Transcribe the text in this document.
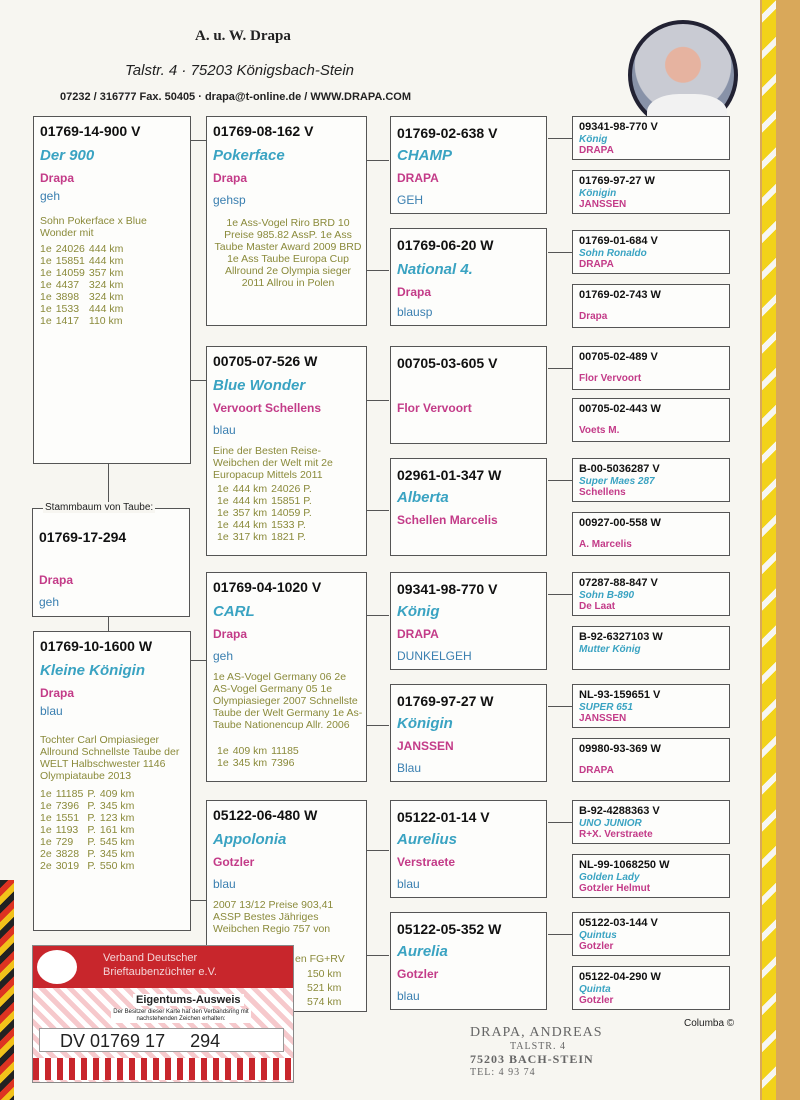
A. u. W. Drapa
Talstr. 4 · 75203 Königsbach-Stein
07232 / 316777 Fax. 50405 · drapa@t-online.de / WWW.DRAPA.COM
01769-14-900 V
Der 900
Drapa
geh
Sohn Pokerface x Blue Wonder mit
1e	24026	444 km
1e	15851	444 km
1e	14059	357 km
1e	4437	324 km
1e	3898	324 km
1e	1533	444 km
1e	1417	110 km
Stammbaum von Taube:
01769-17-294
Drapa
geh
01769-10-1600 W
Kleine Königin
Drapa
blau
Tochter Carl Ompiasieger Allround Schnellste Taube der WELT Halbschwester 1146 Olympiataube 2013
1e	11185	P.	409 km
1e	7396	P.	345 km
1e	1551	P.	123 km
1e	1193	P.	161 km
1e	729	P.	545 km
2e	3828	P.	345 km
2e	3019	P.	550 km
01769-08-162 V
Pokerface
Drapa
gehsp
1e Ass-Vogel Riro BRD 10 Preise 985.82 AssP. 1e Ass Taube Master Award 2009 BRD 1e Ass Taube Europa Cup Allround 2e Olympia sieger 2011 Allrou in Polen
00705-07-526 W
Blue Wonder
Vervoort Schellens
blau
Eine der Besten Reise-Weibchen der Welt mit 2e Europacup Mittels 2011
1e	444 km	24026 P.
1e	444 km	15851 P.
1e	357 km	14059 P.
1e	444 km	1533 P.
1e	317 km	1821 P.
01769-04-1020 V
CARL
Drapa
geh
1e AS-Vogel Germany 06 2e AS-Vogel Germany 05 1e Olympiasieger 2007 Schnellste Taube der Welt Germany 1e As-Taube Nationencup Allr. 2006
1e	409 km	11185
1e	345 km	7396
05122-06-480 W
Appolonia
Gotzler
blau
2007 13/12 Preise 903,41 ASSP Bestes Jähriges Weibchen Regio 757 von
en FG+RV
150 km
521 km
574 km
01769-02-638 V
CHAMP
DRAPA
GEH
01769-06-20 W
National 4.
Drapa
blausp
00705-03-605 V
Flor Vervoort
02961-01-347 W
Alberta
Schellen Marcelis
09341-98-770 V
König
DRAPA
DUNKELGEH
01769-97-27 W
Königin
JANSSEN
Blau
05122-01-14 V
Aurelius
Verstraete
blau
05122-05-352 W
Aurelia
Gotzler
blau
09341-98-770 V
König
DRAPA
01769-97-27 W
Königin
JANSSEN
01769-01-684 V
Sohn Ronaldo
DRAPA
01769-02-743 W
Drapa
00705-02-489 V
Flor Vervoort
00705-02-443 W
Voets M.
B-00-5036287 V
Super Maes 287
Schellens
00927-00-558 W
A. Marcelis
07287-88-847 V
Sohn B-890
De Laat
B-92-6327103 W
Mutter König
NL-93-159651 V
SUPER 651
JANSSEN
09980-93-369 W
DRAPA
B-92-4288363 V
UNO JUNIOR
R+X. Verstraete
NL-99-1068250 W
Golden Lady
Gotzler Helmut
05122-03-144 V
Quintus
Gotzler
05122-04-290 W
Quinta
Gotzler
Verband Deutscher Brieftaubenzüchter e.V.
Eigentums-Ausweis
Der Besitzer dieser Karte hat den Verbandsring mit nachstehenden Zeichen erhalten:
DV 01769 17     294
Columba ©
DRAPA, ANDREAS
TALSTR. 4
75203 BACH-STEIN
TEL: 4 93 74
